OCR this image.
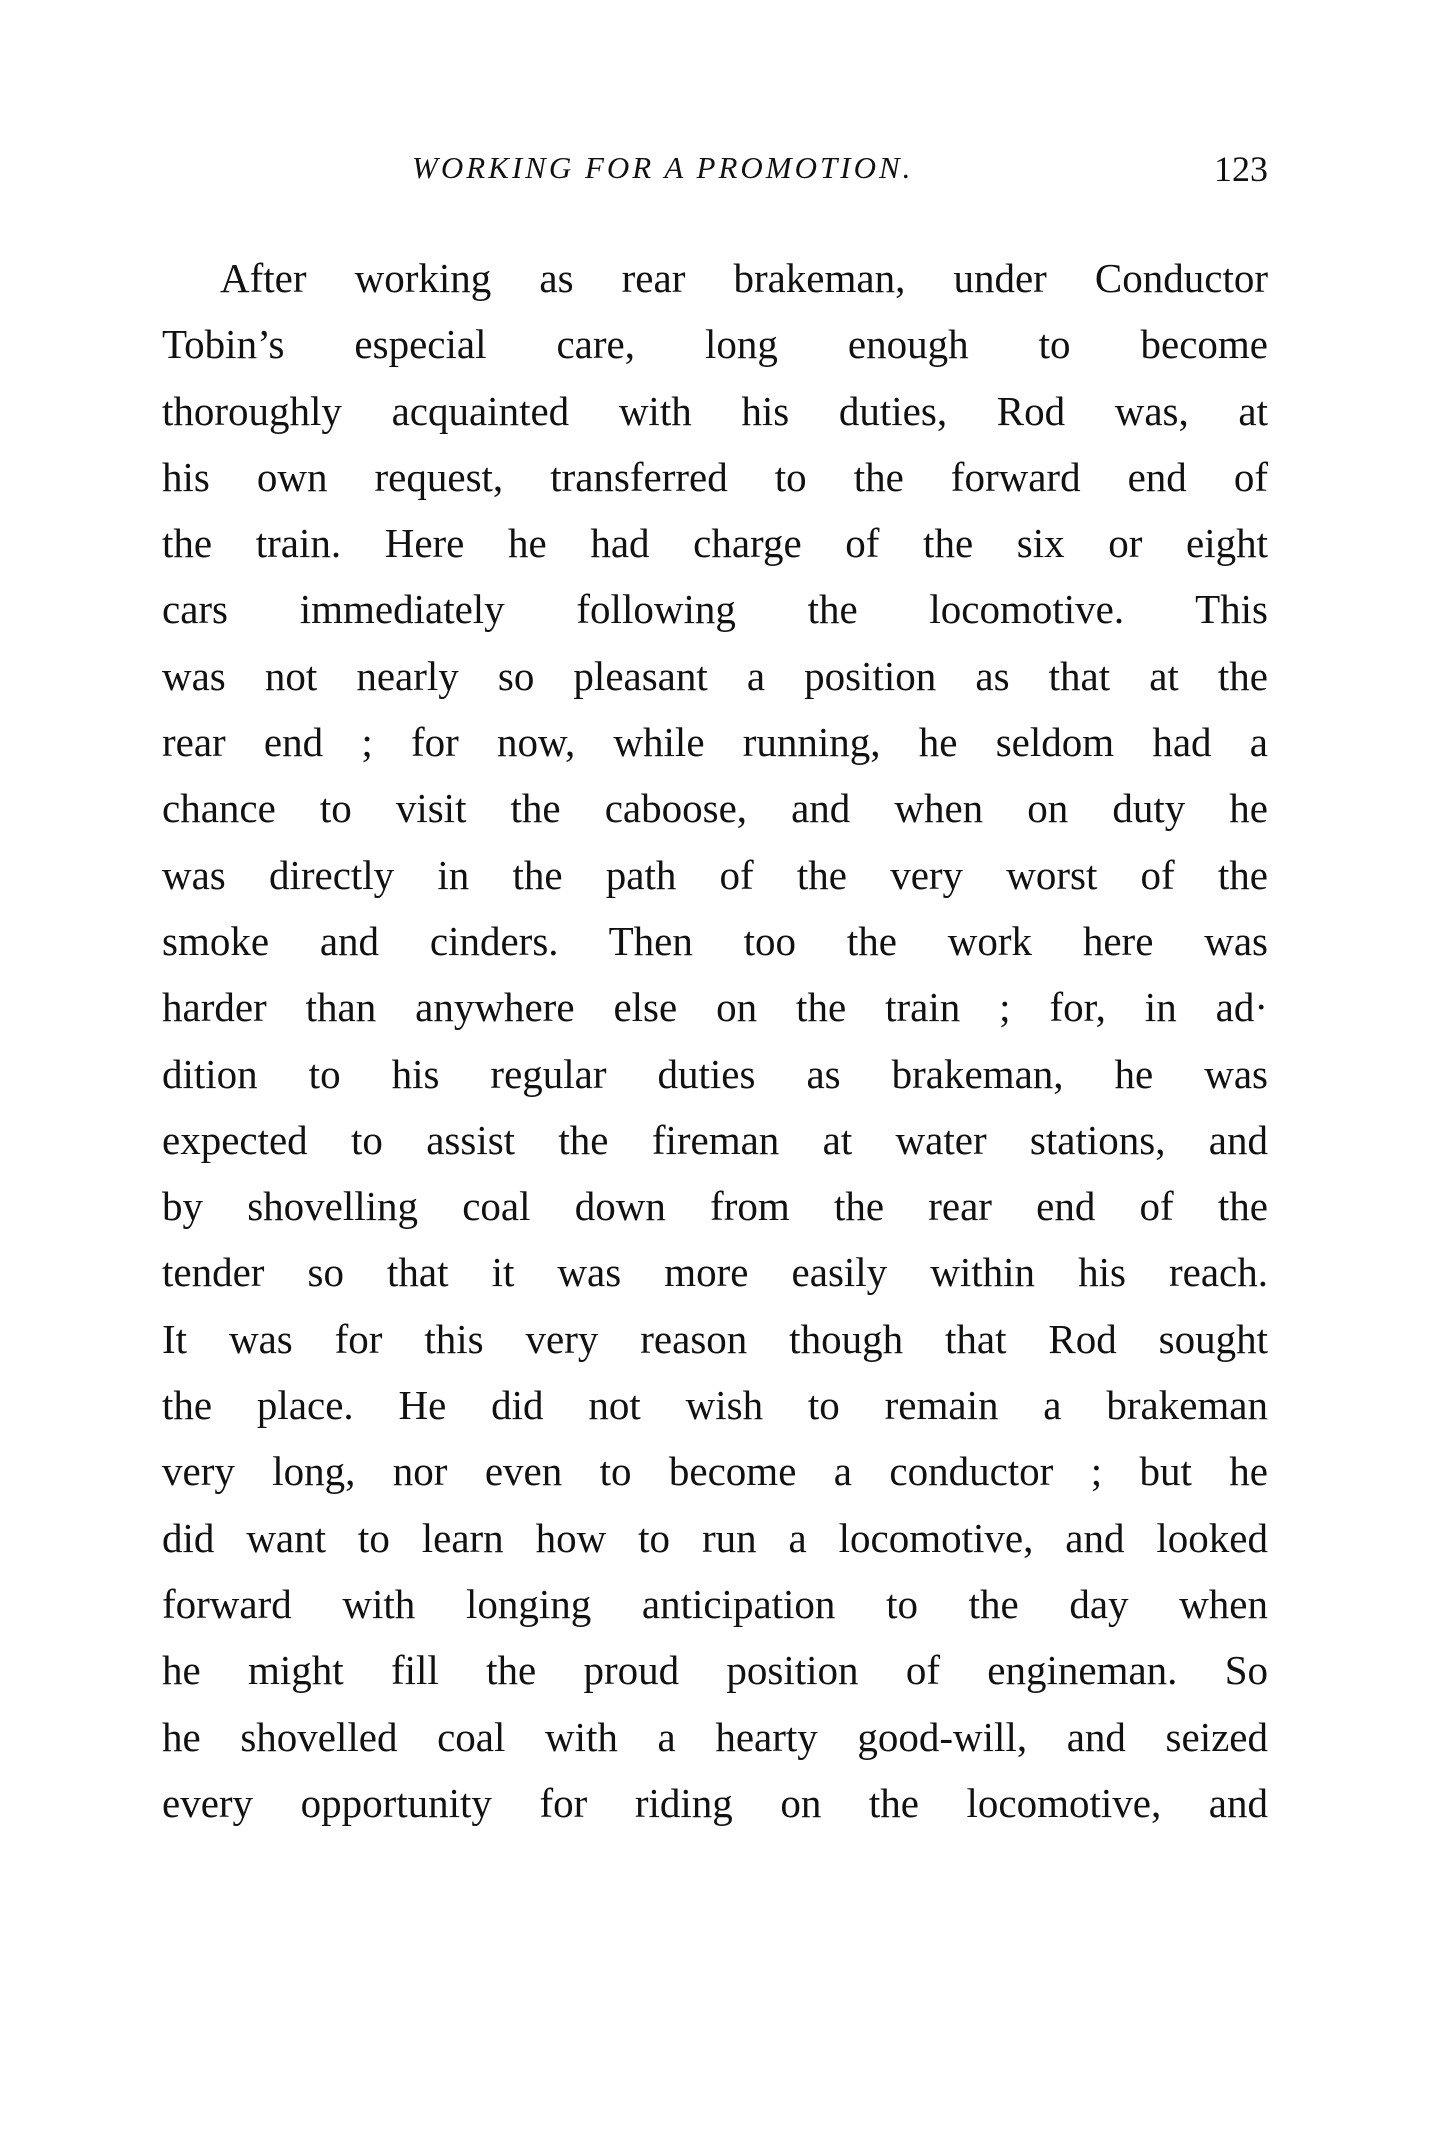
WORKING FOR A PROMOTION.	123
After working as rear brakeman, under Conductor
Tobin’s especial care, long enough to become
thoroughly acquainted with his duties, Rod was, at
his own request, transferred to the forward end of
the train. Here he had charge of the six or eight
cars immediately following the locomotive. This
was not nearly so pleasant a position as that at the
rear end ; for now, while running, he seldom had a
chance to visit the caboose, and when on duty he
was directly in the path of the very worst of the
smoke and cinders. Then too the work here was
harder than anywhere else on the train ; for, in ad·
dition to his regular duties as brakeman, he was
expected to assist the fireman at water stations, and
by shovelling coal down from the rear end of the
tender so that it was more easily within his reach.
It was for this very reason though that Rod sought
the place. He did not wish to remain a brakeman
very long, nor even to become a conductor ; but he
did want to learn how to run a locomotive, and looked
forward with longing anticipation to the day when
he might fill the proud position of engineman. So
he shovelled coal with a hearty good-will, and seized
every opportunity for riding on the locomotive, and
